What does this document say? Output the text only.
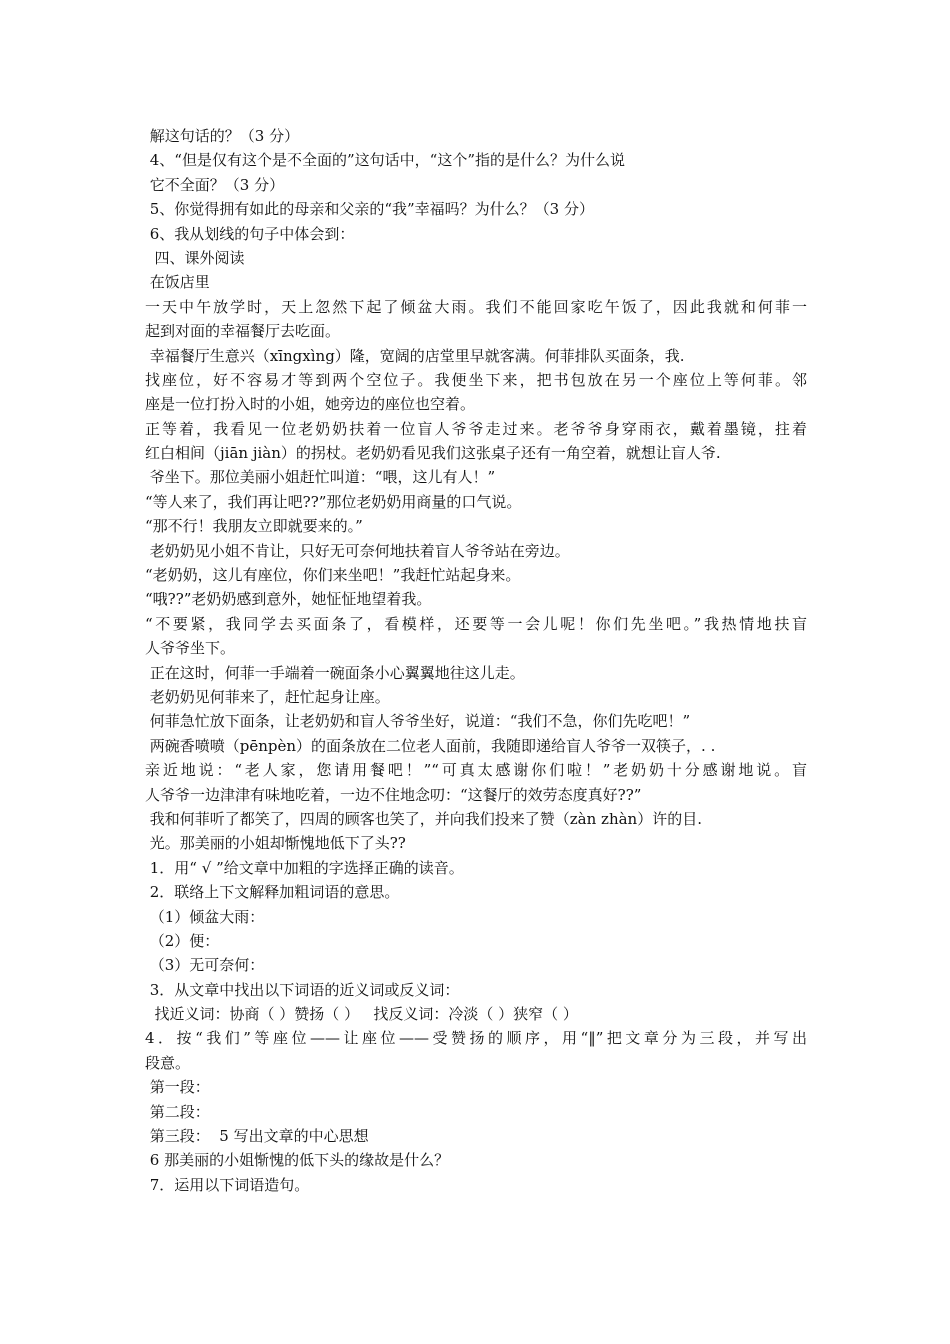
解这句话的？（3 分）
4、“但是仅有这个是不全面的”这句话中，“这个”指的是什么？为什么说
它不全面？（3 分）
5、你觉得拥有如此的母亲和父亲的“我”幸福吗？为什么？（3 分）
6、我从划线的句子中体会到：
四、课外阅读
在饭店里
一天中午放学时，天上忽然下起了倾盆大雨。我们不能回家吃午饭了，因此我就和何菲一
起到对面的幸福餐厅去吃面。
幸福餐厅生意兴（xīngxìng）隆，宽阔的店堂里早就客满。何菲排队买面条，我.
找座位，好不容易才等到两个空位子。我便坐下来，把书包放在另一个座位上等何菲。邻
座是一位打扮入时的小姐，她旁边的座位也空着。
正等着，我看见一位老奶奶扶着一位盲人爷爷走过来。老爷爷身穿雨衣，戴着墨镜，拄着
红白相间（jiān jiàn）的拐杖。老奶奶看见我们这张桌子还有一角空着，就想让盲人爷.
爷坐下。那位美丽小姐赶忙叫道：“喂，这儿有人！”
“等人来了，我们再让吧??”那位老奶奶用商量的口气说。
“那不行！我朋友立即就要来的。”
老奶奶见小姐不肯让，只好无可奈何地扶着盲人爷爷站在旁边。
“老奶奶，这儿有座位，你们来坐吧！”我赶忙站起身来。
“哦??”老奶奶感到意外，她怔怔地望着我。
“不要紧，我同学去买面条了，看模样，还要等一会儿呢！你们先坐吧。”我热情地扶盲
人爷爷坐下。
正在这时，何菲一手端着一碗面条小心翼翼地往这儿走。
老奶奶见何菲来了，赶忙起身让座。
何菲急忙放下面条，让老奶奶和盲人爷爷坐好，说道：“我们不急，你们先吃吧！”
两碗香喷喷（pēnpèn）的面条放在二位老人面前，我随即递给盲人爷爷一双筷子，. .
亲近地说：“老人家，您请用餐吧！”“可真太感谢你们啦！”老奶奶十分感谢地说。盲
人爷爷一边津津有味地吃着，一边不住地念叨：“这餐厅的效劳态度真好??”
我和何菲听了都笑了，四周的顾客也笑了，并向我们投来了赞（zàn zhàn）许的目.
光。那美丽的小姐却惭愧地低下了头??
1．用“ √ ”给文章中加粗的字选择正确的读音。
2．联络上下文解释加粗词语的意思。
（1）倾盆大雨：
（2）便：
（3）无可奈何：
3．从文章中找出以下词语的近义词或反义词：
找近义词：协商（ ）赞扬（ ）   找反义词：冷淡（ ）狭窄（ ）
4．按“我们”等座位——让座位——受赞扬的顺序，用“‖”把文章分为三段，并写出
段意。
第一段：
第二段：
第三段：  5 写出文章的中心思想
6 那美丽的小姐惭愧的低下头的缘故是什么？
7．运用以下词语造句。
